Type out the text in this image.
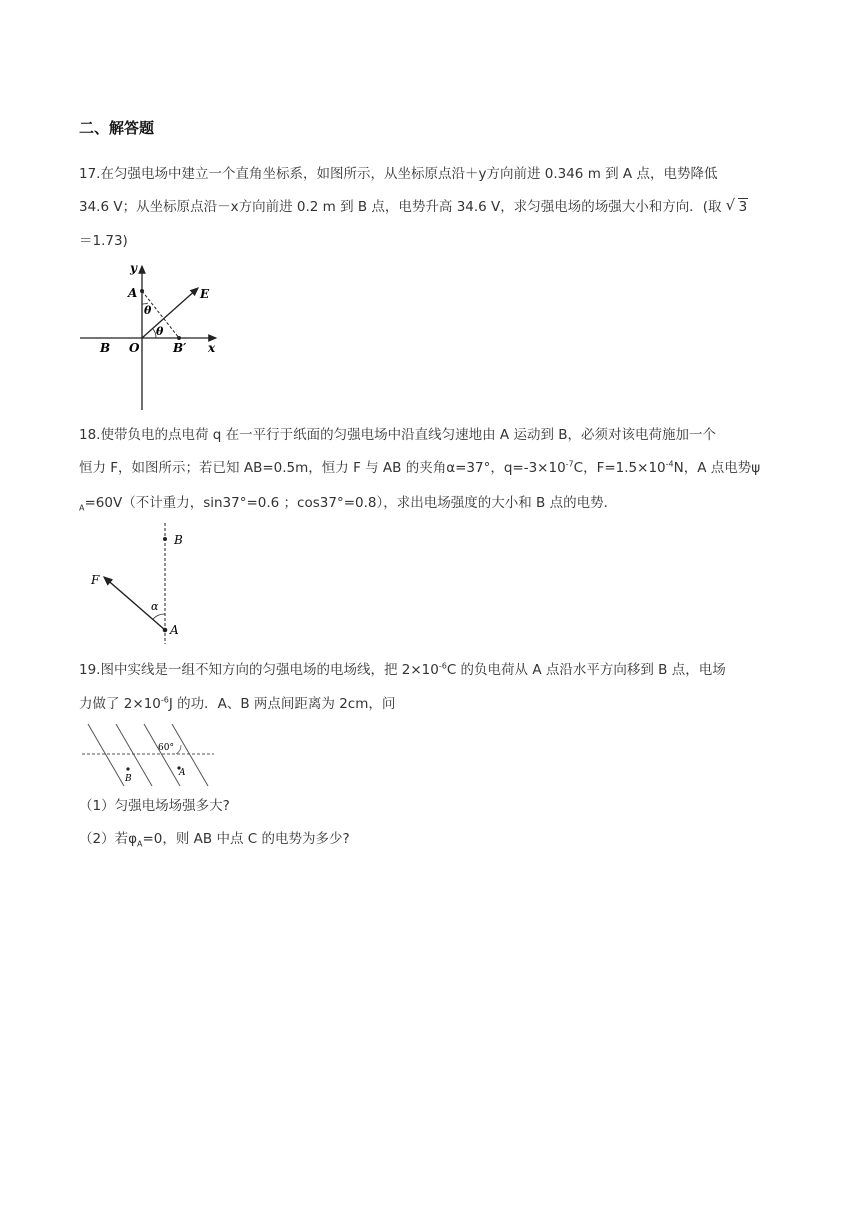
二、解答题
17.在匀强电场中建立一个直角坐标系，如图所示，从坐标原点沿＋y方向前进 0.346 m 到 A 点，电势降低
34.6 V；从坐标原点沿－x方向前进 0.2 m 到 B 点，电势升高 34.6 V，求匀强电场的场强大小和方向．(取√ 3
＝1.73)
y
x
A	E
θ
θ
B O	B′
18.使带负电的点电荷 q 在一平行于纸面的匀强电场中沿直线匀速地由 A 运动到 B，必须对该电荷施加一个
恒力 F，如图所示；若已知 AB=0.5m，恒力 F 与 AB 的夹角α=37°，$q=-3\times 10^{-7}C$，$F=1.5\times 10^{-4}N$，A 点电势ψ
$_A$=60V（不计重力，sin37°=0.6 ；cos37°=0.8），求出电场强度的大小和 B 点的电势．
B
F
α
A
19.图中实线是一组不知方向的匀强电场的电场线，把 $2\times 10^{-6}C$ 的负电荷从 A 点沿水平方向移到 B 点，电场
力做了 $2\times 10^{-6}J$ 的功．A、B 两点间距离为 2cm，问
60°
B
A
（1）匀强电场场强多大?
（2）若$\varphi_A=0$，则 AB 中点 C 的电势为多少?
